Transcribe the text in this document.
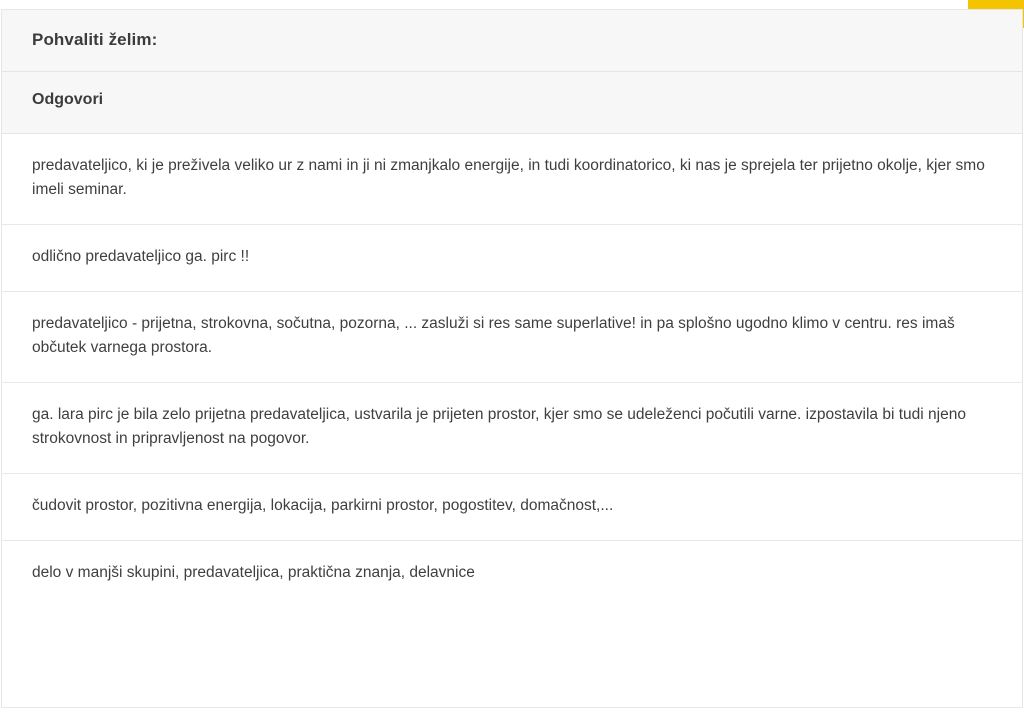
Pohvaliti želim:
Odgovori
predavateljico, ki je preživela veliko ur z nami in ji ni zmanjkalo energije, in tudi koordinatorico, ki nas je sprejela ter prijetno okolje, kjer smo imeli seminar.
odlično predavateljico ga. pirc !!
predavateljico - prijetna, strokovna, sočutna, pozorna, ... zasluži si res same superlative! in pa splošno ugodno klimo v centru. res imaš občutek varnega prostora.
ga. lara pirc je bila zelo prijetna predavateljica, ustvarila je prijeten prostor, kjer smo se udeleženci počutili varne. izpostavila bi tudi njeno strokovnost in pripravljenost na pogovor.
čudovit prostor, pozitivna energija, lokacija, parkirni prostor, pogostitev, domačnost,...
delo v manjši skupini, predavateljica, praktična znanja, delavnice
